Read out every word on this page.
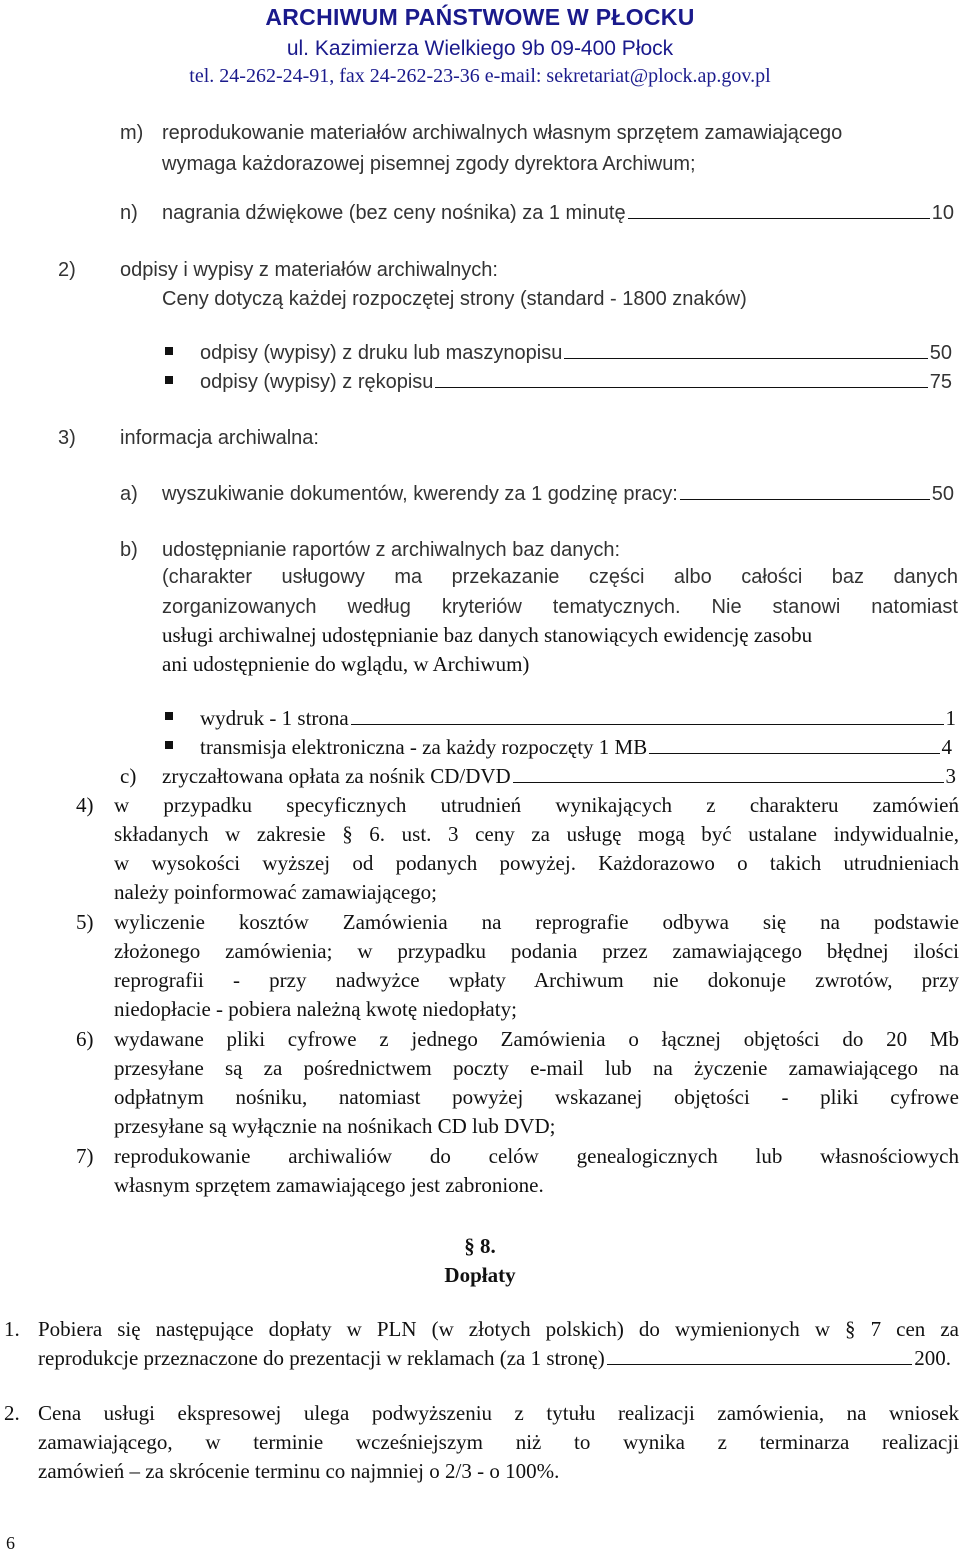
ARCHIWUM PAŃSTWOWE W PŁOCKU
ul. Kazimierza Wielkiego 9b 09-400 Płock
tel. 24-262-24-91, fax 24-262-23-36 e-mail: sekretariat@plock.ap.gov.pl
m) reprodukowanie materiałów archiwalnych własnym sprzętem zamawiającego
wymaga każdorazowej pisemnej zgody dyrektora Archiwum;
n) nagrania dźwiękowe (bez ceny nośnika) za 1 minutę	10
2) odpisy i wypisy z materiałów archiwalnych:
Ceny dotyczą każdej rozpoczętej strony (standard - 1800 znaków)
odpisy (wypisy) z druku lub maszynopisu	50
odpisy (wypisy) z rękopisu	75
3) informacja archiwalna:
a) wyszukiwanie dokumentów, kwerendy za 1 godzinę pracy:	50
b) udostępnianie raportów z archiwalnych baz danych:
(charakter usługowy ma przekazanie części albo całości baz danych
zorganizowanych według kryteriów tematycznych. Nie stanowi natomiast
usługi archiwalnej udostępnianie baz danych stanowiących ewidencję zasobu
ani udostępnienie do wglądu, w Archiwum)
wydruk - 1 strona	1
transmisja elektroniczna - za każdy rozpoczęty 1 MB	4
c) zryczałtowana opłata za nośnik CD/DVD	3
4) w przypadku specyficznych utrudnień wynikających z charakteru zamówień
składanych w zakresie § 6. ust. 3 ceny za usługę mogą być ustalane indywidualnie,
w wysokości wyższej od podanych powyżej. Każdorazowo o takich utrudnieniach
należy poinformować zamawiającego;
5) wyliczenie kosztów Zamówienia na reprografie odbywa się na podstawie
złożonego zamówienia; w przypadku podania przez zamawiającego błędnej ilości
reprografii - przy nadwyżce wpłaty Archiwum nie dokonuje zwrotów, przy
niedopłacie - pobiera należną kwotę niedopłaty;
6) wydawane pliki cyfrowe z jednego Zamówienia o łącznej objętości do 20 Mb
przesyłane są za pośrednictwem poczty e-mail lub na życzenie zamawiającego na
odpłatnym nośniku, natomiast powyżej wskazanej objętości - pliki cyfrowe
przesyłane są wyłącznie na nośnikach CD lub DVD;
7) reprodukowanie archiwaliów do celów genealogicznych lub własnościowych
własnym sprzętem zamawiającego jest zabronione.
§ 8.
Dopłaty
1. Pobiera się następujące dopłaty w PLN (w złotych polskich) do wymienionych w § 7 cen za
reprodukcje przeznaczone do prezentacji w reklamach (za 1 stronę)	200.
2. Cena usługi ekspresowej ulega podwyższeniu z tytułu realizacji zamówienia, na wniosek
zamawiającego, w terminie wcześniejszym niż to wynika z terminarza realizacji
zamówień – za skrócenie terminu co najmniej o 2/3 - o 100%.
6
